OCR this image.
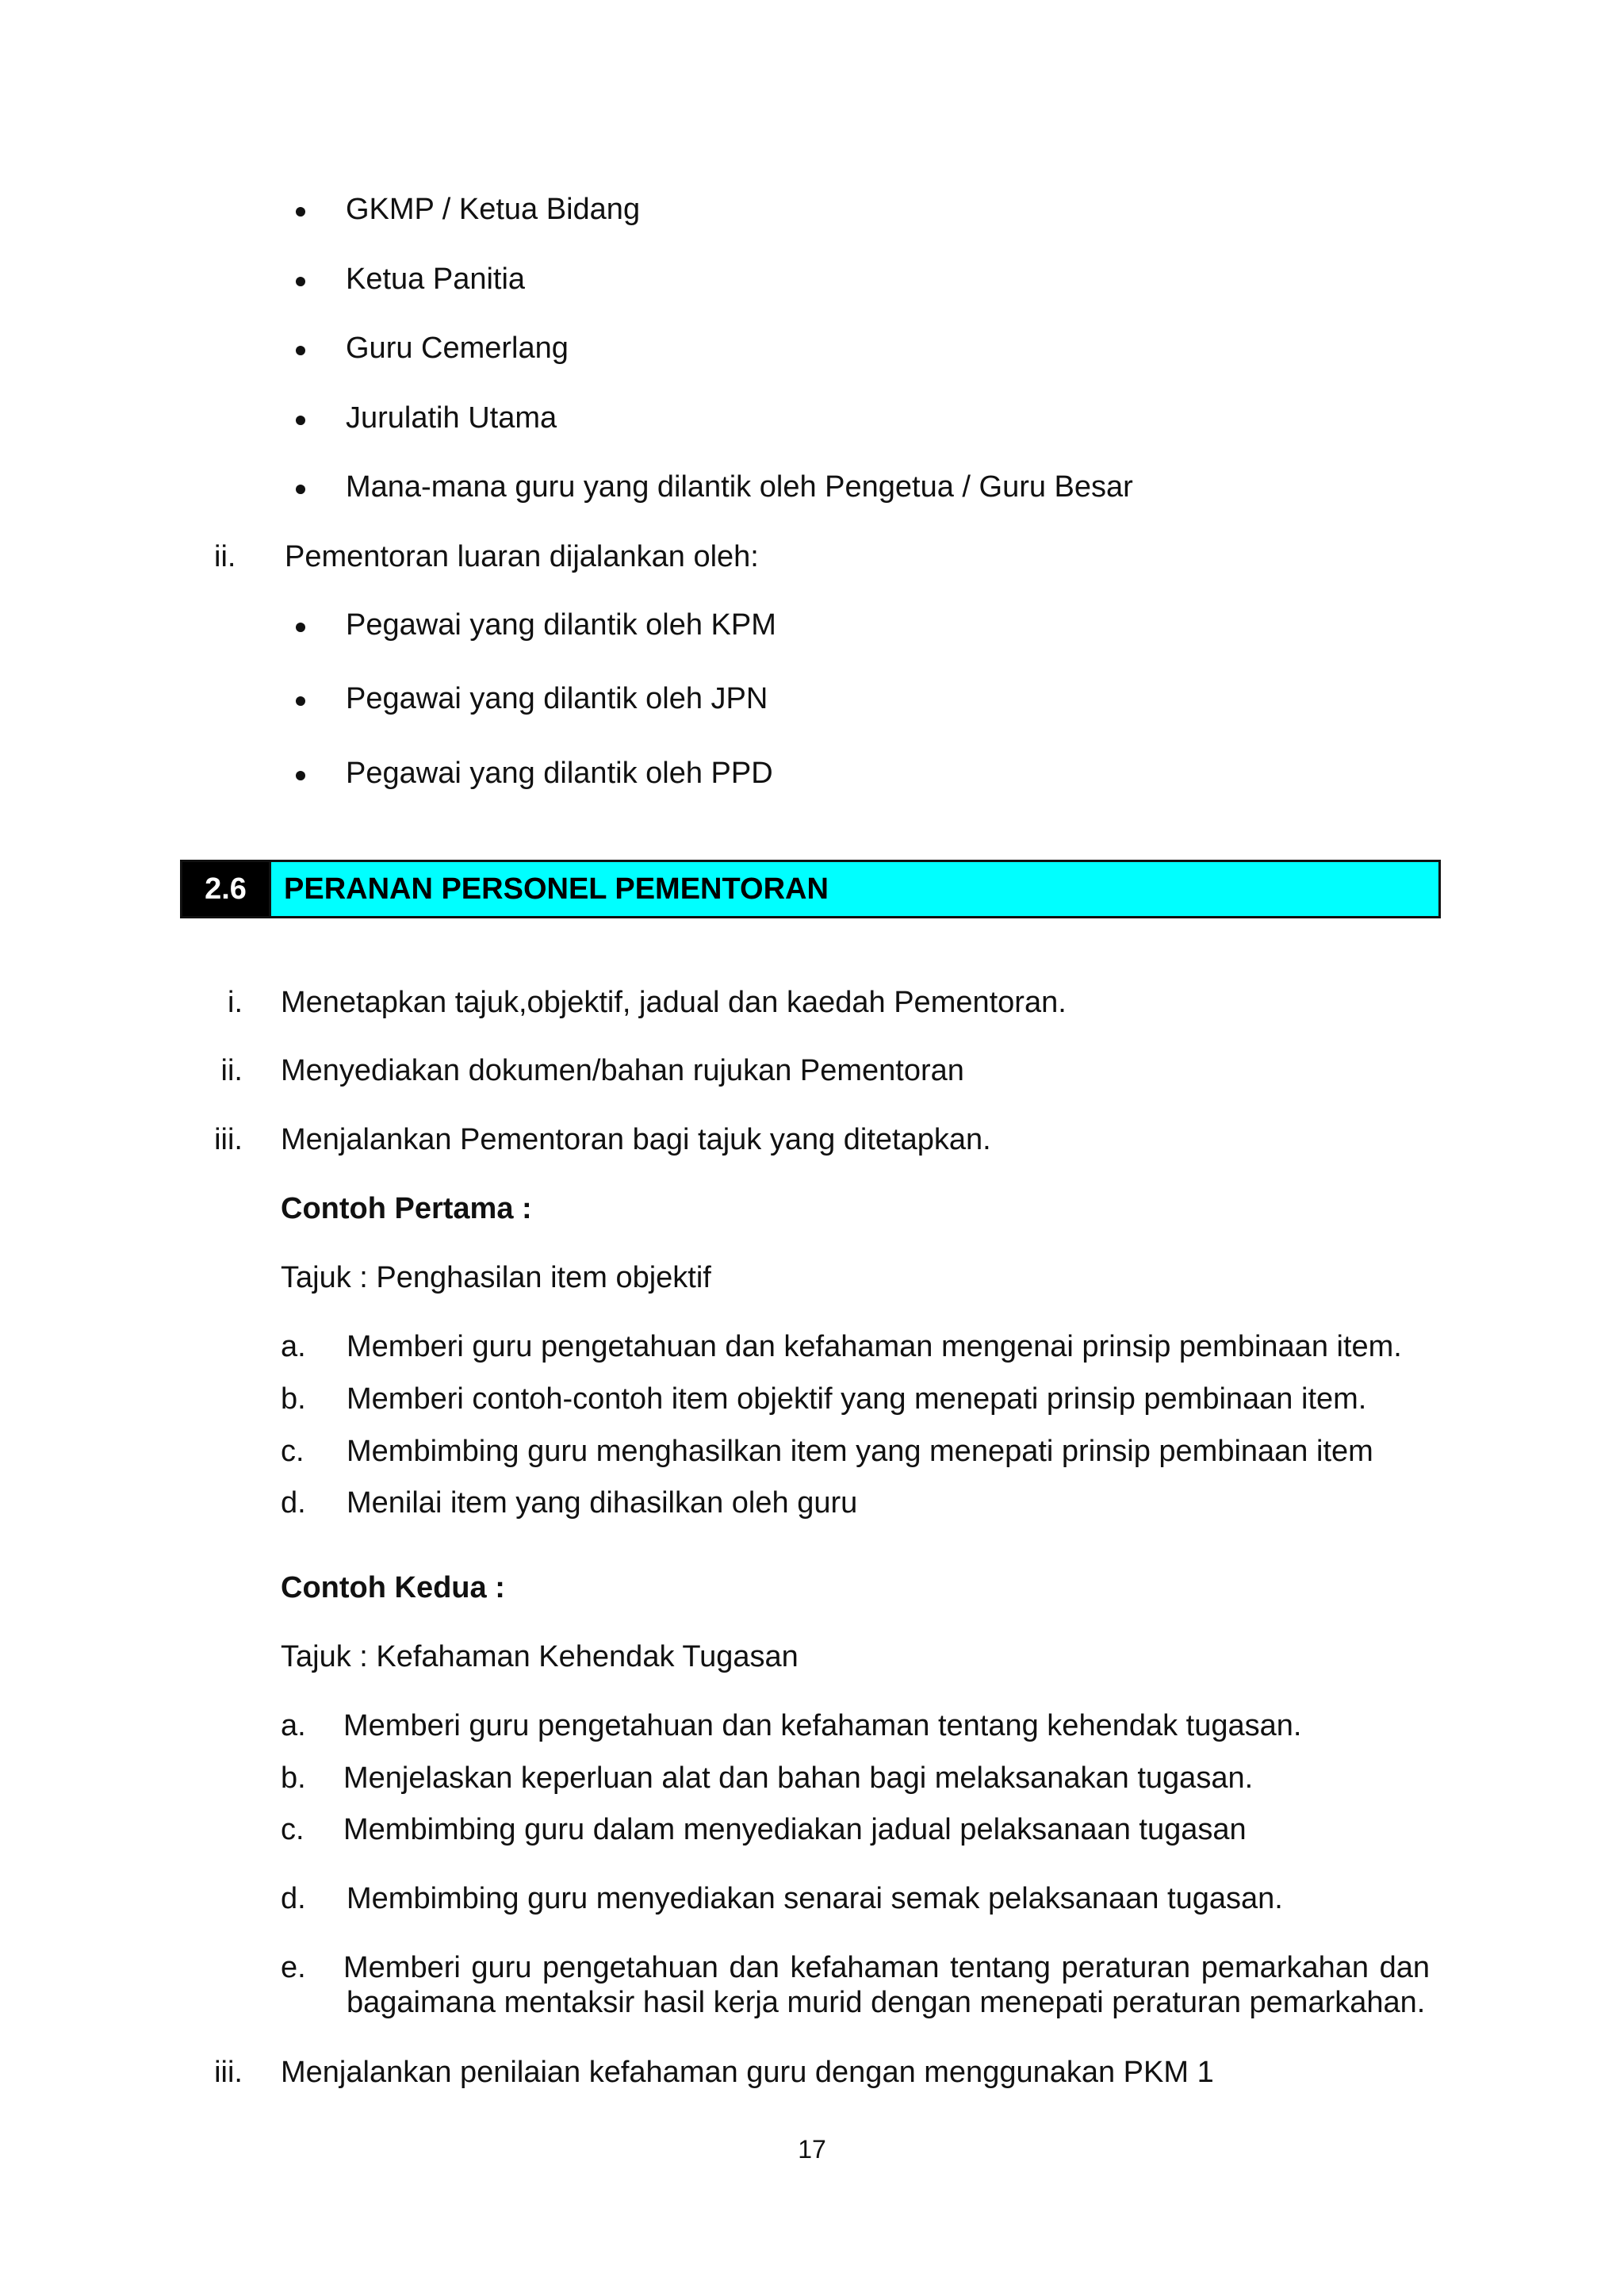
GKMP / Ketua Bidang
Ketua Panitia
Guru Cemerlang
Jurulatih Utama
Mana-mana guru yang dilantik oleh Pengetua / Guru Besar
ii. Pementoran luaran dijalankan oleh:
Pegawai yang dilantik oleh KPM
Pegawai yang dilantik oleh JPN
Pegawai yang dilantik oleh PPD
2.6	PERANAN PERSONEL PEMENTORAN
i. Menetapkan tajuk,objektif, jadual dan kaedah Pementoran.
ii. Menyediakan dokumen/bahan rujukan Pementoran
iii. Menjalankan Pementoran bagi tajuk yang ditetapkan.
Contoh Pertama :
Tajuk : Penghasilan item objektif
a. Memberi guru pengetahuan dan kefahaman mengenai prinsip pembinaan item.
b. Memberi contoh-contoh item objektif yang menepati prinsip pembinaan item.
c. Membimbing guru menghasilkan item yang menepati prinsip pembinaan item
d. Menilai item yang dihasilkan oleh guru
Contoh Kedua :
Tajuk : Kefahaman Kehendak Tugasan
a. Memberi guru pengetahuan dan kefahaman tentang kehendak tugasan.
b. Menjelaskan keperluan alat dan bahan bagi melaksanakan tugasan.
c. Membimbing guru dalam menyediakan jadual pelaksanaan tugasan
d. Membimbing guru menyediakan senarai semak pelaksanaan tugasan.
e. Memberi guru pengetahuan dan kefahaman tentang peraturan pemarkahan dan
bagaimana mentaksir hasil kerja murid dengan menepati peraturan pemarkahan.
iii. Menjalankan penilaian kefahaman guru dengan menggunakan PKM 1
17
